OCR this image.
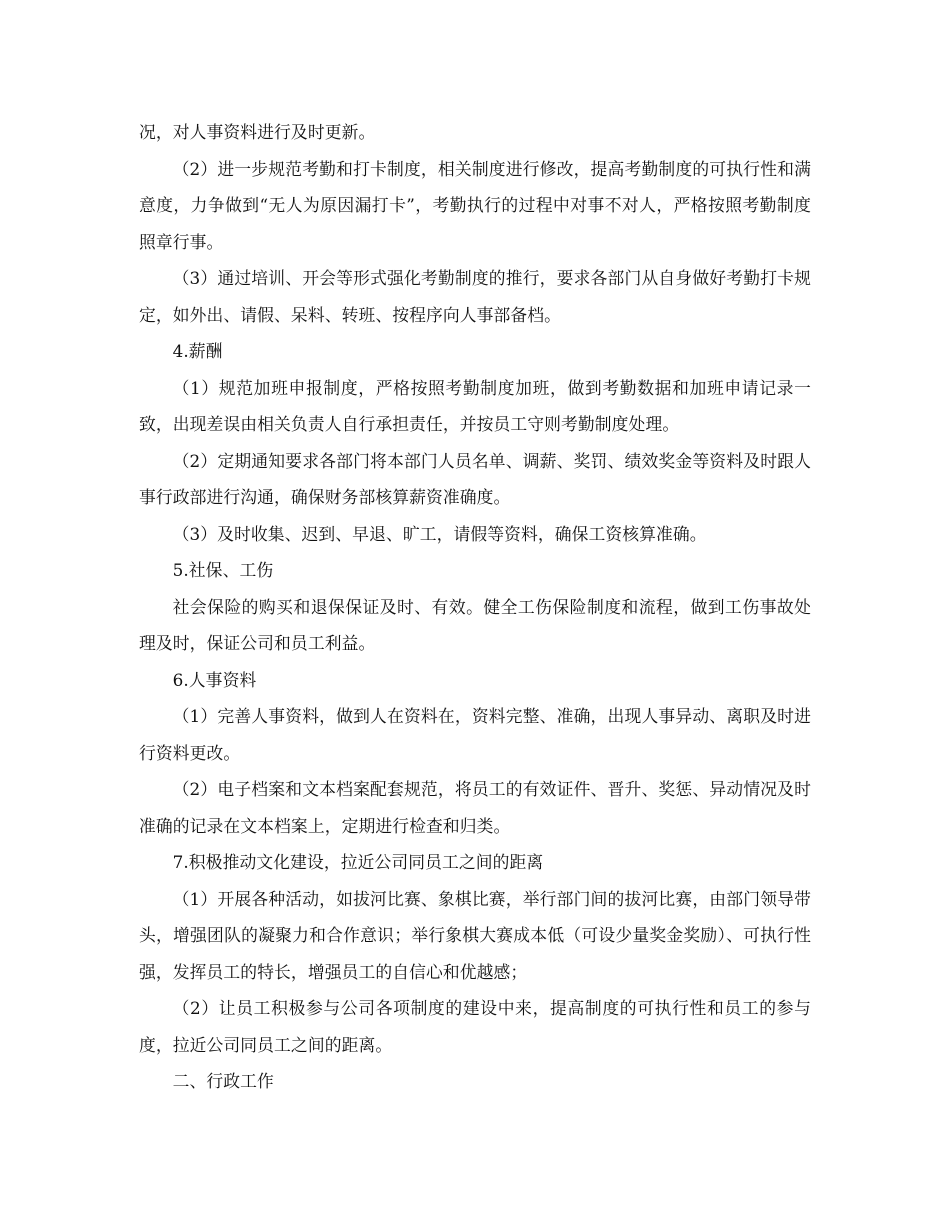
况，对人事资料进行及时更新。

（2）进一步规范考勤和打卡制度，相关制度进行修改，提高考勤制度的可执行性和满意度，力争做到“无人为原因漏打卡”，考勤执行的过程中对事不对人，严格按照考勤制度照章行事。

（3）通过培训、开会等形式强化考勤制度的推行，要求各部门从自身做好考勤打卡规定，如外出、请假、呆料、转班、按程序向人事部备档。

4.薪酬

（1）规范加班申报制度，严格按照考勤制度加班，做到考勤数据和加班申请记录一致，出现差误由相关负责人自行承担责任，并按员工守则考勤制度处理。

（2）定期通知要求各部门将本部门人员名单、调薪、奖罚、绩效奖金等资料及时跟人事行政部进行沟通，确保财务部核算薪资准确度。

（3）及时收集、迟到、早退、旷工，请假等资料，确保工资核算准确。

5.社保、工伤

社会保险的购买和退保保证及时、有效。健全工伤保险制度和流程，做到工伤事故处理及时，保证公司和员工利益。

6.人事资料

（1）完善人事资料，做到人在资料在，资料完整、准确，出现人事异动、离职及时进行资料更改。

（2）电子档案和文本档案配套规范，将员工的有效证件、晋升、奖惩、异动情况及时准确的记录在文本档案上，定期进行检查和归类。

7.积极推动文化建设，拉近公司同员工之间的距离

（1）开展各种活动，如拔河比赛、象棋比赛，举行部门间的拔河比赛，由部门领导带头，增强团队的凝聚力和合作意识；举行象棋大赛成本低（可设少量奖金奖励）、可执行性强，发挥员工的特长，增强员工的自信心和优越感；

（2）让员工积极参与公司各项制度的建设中来，提高制度的可执行性和员工的参与度，拉近公司同员工之间的距离。

二、行政工作
